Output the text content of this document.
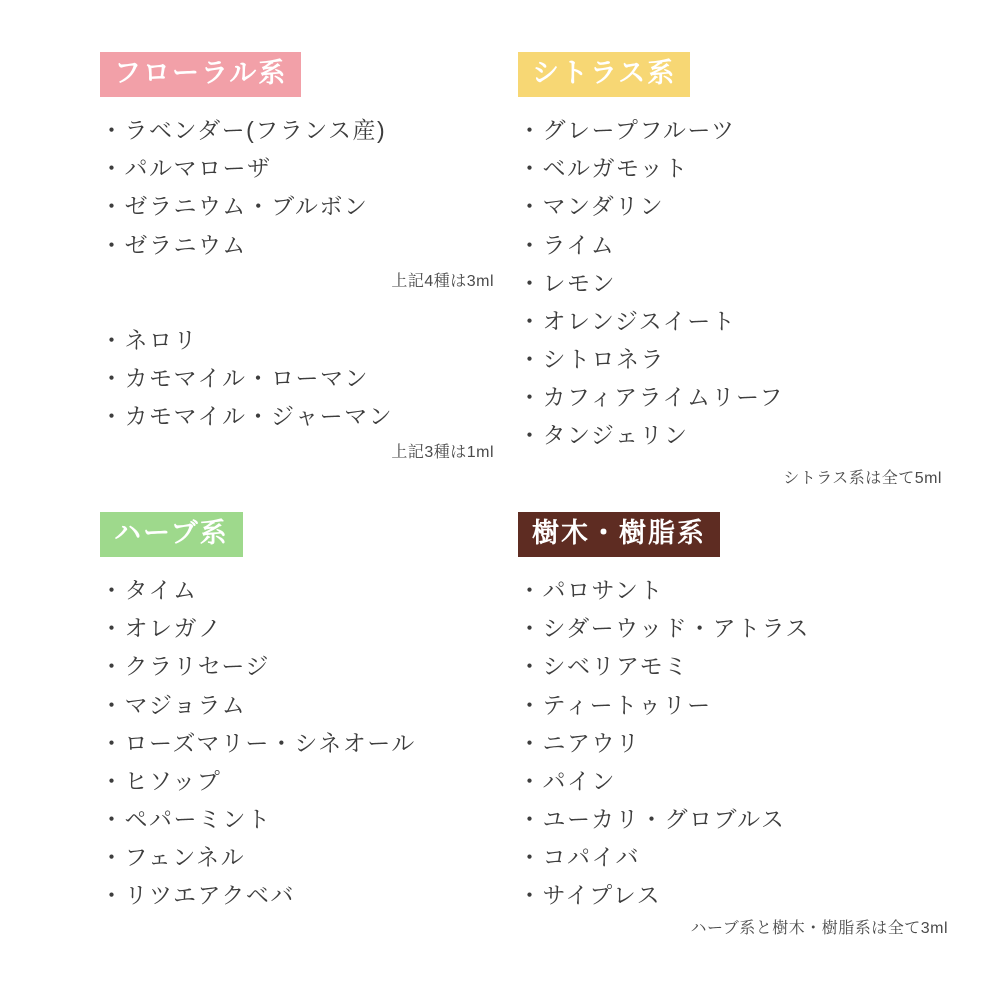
フローラル系
・ラベンダー(フランス産)
・パルマローザ
・ゼラニウム・ブルボン
・ゼラニウム
上記4種は3ml
・ネロリ
・カモマイル・ローマン
・カモマイル・ジャーマン
上記3種は1ml
シトラス系
・グレープフルーツ
・ベルガモット
・マンダリン
・ライム
・レモン
・オレンジスイート
・シトロネラ
・カフィアライムリーフ
・タンジェリン
シトラス系は全て5ml
ハーブ系
・タイム
・オレガノ
・クラリセージ
・マジョラム
・ローズマリー・シネオール
・ヒソップ
・ペパーミント
・フェンネル
・リツエアクベバ
樹木・樹脂系
・パロサント
・シダーウッド・アトラス
・シベリアモミ
・ティートゥリー
・ニアウリ
・パイン
・ユーカリ・グロブルス
・コパイバ
・サイプレス
ハーブ系と樹木・樹脂系は全て3ml
